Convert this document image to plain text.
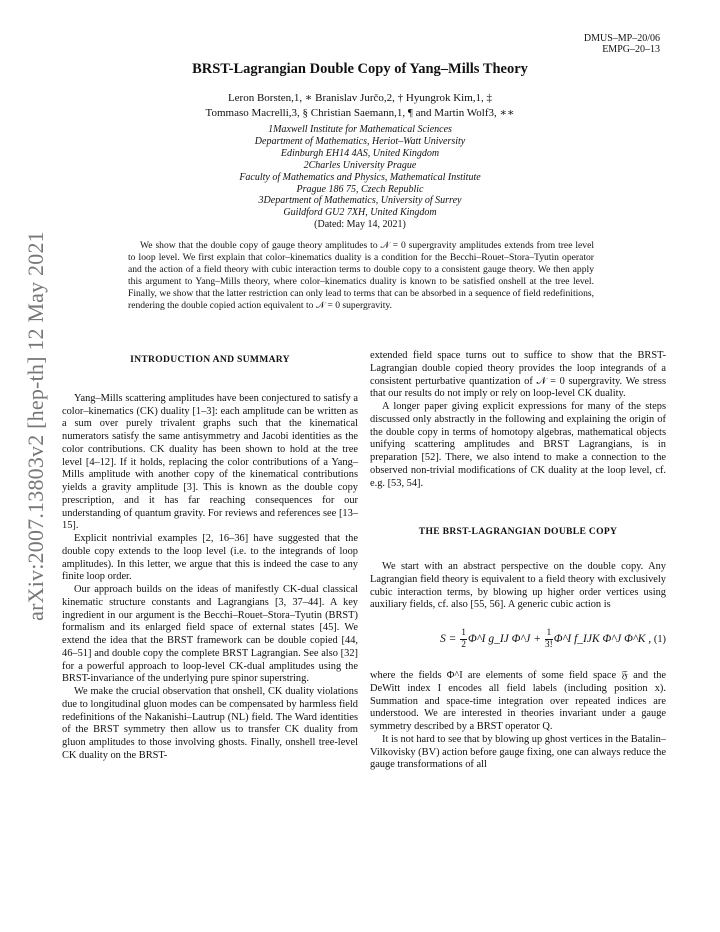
DMUS–MP–20/06
EMPG–20–13
arXiv:2007.13803v2 [hep-th] 12 May 2021
BRST-Lagrangian Double Copy of Yang–Mills Theory
Leron Borsten,1, ∗ Branislav Jurčo,2, † Hyungrok Kim,1, ‡
Tommaso Macrelli,3, § Christian Saemann,1, ¶ and Martin Wolf3, ∗∗
1Maxwell Institute for Mathematical Sciences
Department of Mathematics, Heriot–Watt University
Edinburgh EH14 4AS, United Kingdom
2Charles University Prague
Faculty of Mathematics and Physics, Mathematical Institute
Prague 186 75, Czech Republic
3Department of Mathematics, University of Surrey
Guildford GU2 7XH, United Kingdom
(Dated: May 14, 2021)

We show that the double copy of gauge theory amplitudes to 𝒩 = 0 supergravity amplitudes extends from tree level to loop level. We first explain that color–kinematics duality is a condition for the Becchi–Rouet–Stora–Tyutin operator and the action of a field theory with cubic interaction terms to double copy to a consistent gauge theory. We then apply this argument to Yang–Mills theory, where color–kinematics duality is known to be satisfied onshell at the tree level. Finally, we show that the latter restriction can only lead to terms that can be absorbed in a sequence of field redefinitions, rendering the double copied action equivalent to 𝒩 = 0 supergravity.

INTRODUCTION AND SUMMARY

Yang–Mills scattering amplitudes have been conjectured to satisfy a color–kinematics (CK) duality [1–3]: each amplitude can be written as a sum over purely trivalent graphs such that the kinematical numerators satisfy the same antisymmetry and Jacobi identities as the color contributions. CK duality has been shown to hold at the tree level [4–12]. If it holds, replacing the color contributions of a Yang–Mills amplitude with another copy of the kinematical contributions yields a gravity amplitude [3]. This is known as the double copy prescription, and it has far reaching consequences for our understanding of quantum gravity. For reviews and references see [13–15].

Explicit nontrivial examples [2, 16–36] have suggested that the double copy extends to the loop level (i.e. to the integrands of loop amplitudes). In this letter, we argue that this is indeed the case to any finite loop order.

Our approach builds on the ideas of manifestly CK-dual classical kinematic structure constants and Lagrangians [3, 37–44]. A key ingredient in our argument is the Becchi–Rouet–Stora–Tyutin (BRST) formalism and its enlarged field space of external states [45]. We extend the idea that the BRST framework can be double copied [44, 46–51] and double copy the complete BRST Lagrangian. See also [32] for a powerful approach to loop-level CK-dual amplitudes using the BRST-invariance of the underlying pure spinor superstring.

We make the crucial observation that onshell, CK duality violations due to longitudinal gluon modes can be compensated by harmless field redefinitions of the Nakanishi–Lautrup (NL) field. The Ward identities of the BRST symmetry then allow us to transfer CK duality from gluon amplitudes to those involving ghosts. Finally, onshell tree-level CK duality on the BRST-

extended field space turns out to suffice to show that the BRST-Lagrangian double copied theory provides the loop integrands of a consistent perturbative quantization of 𝒩 = 0 supergravity. We stress that our results do not imply or rely on loop-level CK duality.

A longer paper giving explicit expressions for many of the steps discussed only abstractly in the following and explaining the origin of the double copy in terms of homotopy algebras, mathematical objects unifying scattering amplitudes and BRST Lagrangians, is in preparation [52]. There, we also intend to make a connection to the observed non-trivial modifications of CK duality at the loop level, cf. e.g. [53, 54].

THE BRST-LAGRANGIAN DOUBLE COPY

We start with an abstract perspective on the double copy. Any Lagrangian field theory is equivalent to a field theory with exclusively cubic interaction terms, by blowing up higher order vertices using auxiliary fields, cf. also [55, 56]. A generic cubic action is

$S = \frac{1}{2}$ Φ^I g_IJ Φ^J + $\frac{1}{3!}$ Φ^I f_IJK Φ^J Φ^K , (1)

where the fields Φ^I are elements of some field space 𝔉 and the DeWitt index I encodes all field labels (including position x). Summation and space-time integration over repeated indices are understood. We are interested in theories invariant under a gauge symmetry described by a BRST operator Q.

It is not hard to see that by blowing up ghost vertices in the Batalin–Vilkovisky (BV) action before gauge fixing, one can always reduce the gauge transformations of all
